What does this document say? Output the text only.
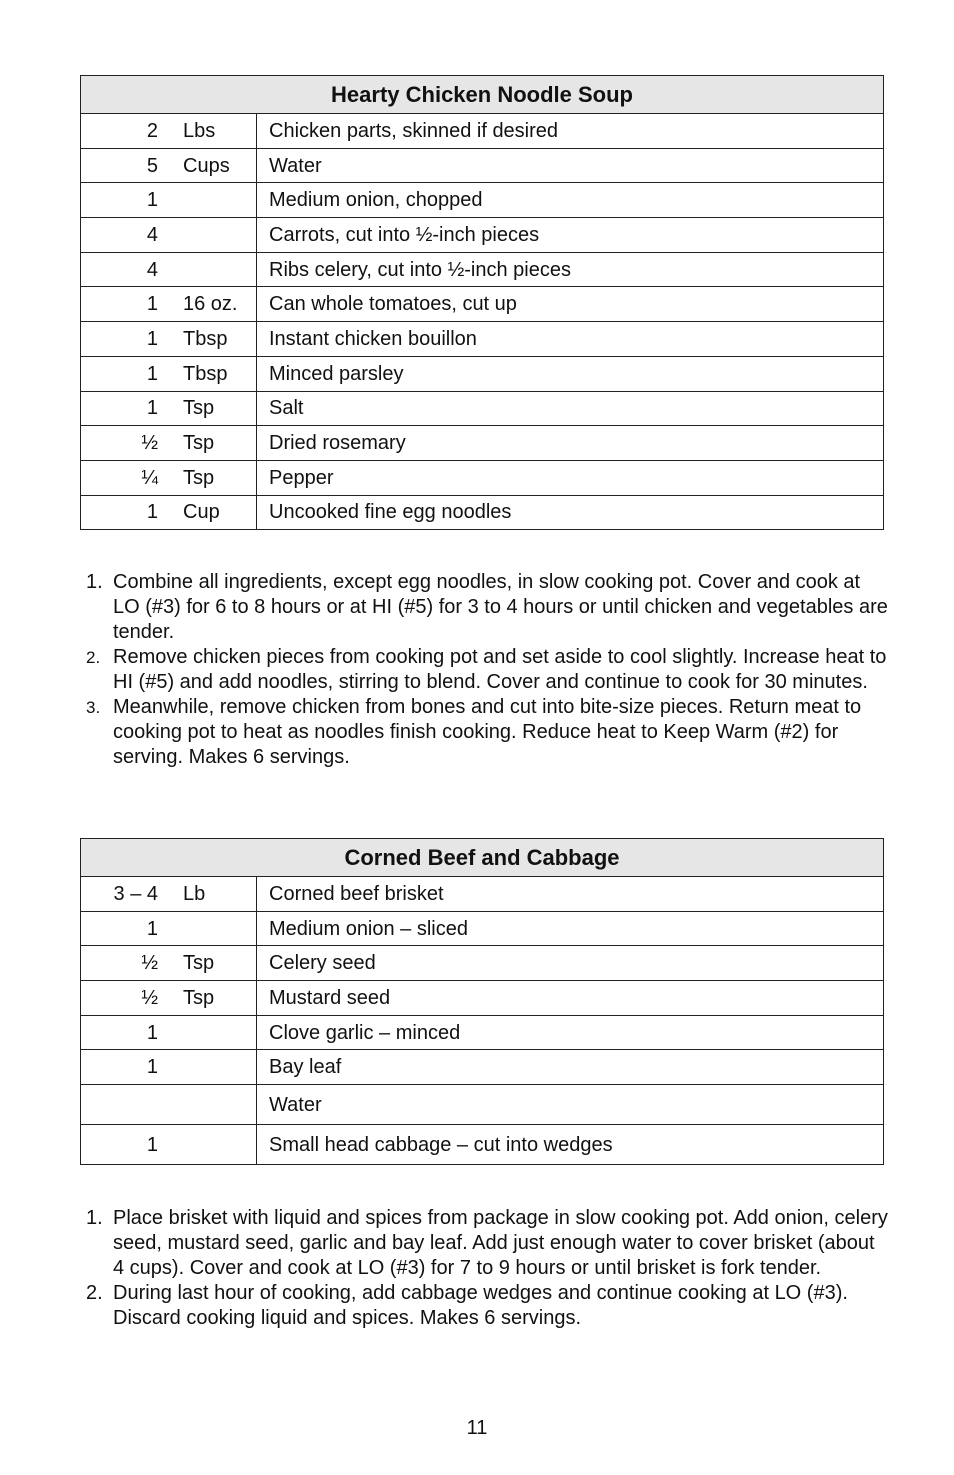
Hearty Chicken Noodle Soup	

2 Lbs	Chicken parts, skinned if desired

5 Cups	Water

1	Medium onion, chopped

4	Carrots, cut into ½-inch pieces

4	Ribs celery, cut into ½-inch pieces

1 16 oz.	Can whole tomatoes, cut up

1 Tbsp	Instant chicken bouillon

1 Tbsp	Minced parsley

1 Tsp	Salt

½ Tsp	Dried rosemary

¼ Tsp	Pepper

1 Cup	Uncooked fine egg noodles
1. Combine all ingredients, except egg noodles, in slow cooking pot. Cover and cook at LO (#3) for 6 to 8 hours or at HI (#5) for 3 to 4 hours or until chicken and vegetables are tender.
2. Remove chicken pieces from cooking pot and set aside to cool slightly. Increase heat to HI (#5) and add noodles, stirring to blend. Cover and continue to cook for 30 minutes.
3. Meanwhile, remove chicken from bones and cut into bite-size pieces. Return meat to cooking pot to heat as noodles finish cooking. Reduce heat to Keep Warm (#2) for serving. Makes 6 servings.
Corned Beef and Cabbage	

3 – 4 Lb	Corned beef brisket

1	Medium onion – sliced

½ Tsp	Celery seed

½ Tsp	Mustard seed

1	Clove garlic – minced

1	Bay leaf

	Water

1	Small head cabbage – cut into wedges
1. Place brisket with liquid and spices from package in slow cooking pot. Add onion, celery seed, mustard seed, garlic and bay leaf. Add just enough water to cover brisket (about 4 cups). Cover and cook at LO (#3) for 7 to 9 hours or until brisket is fork tender.
2. During last hour of cooking, add cabbage wedges and continue cooking at LO (#3). Discard cooking liquid and spices. Makes 6 servings.
11
